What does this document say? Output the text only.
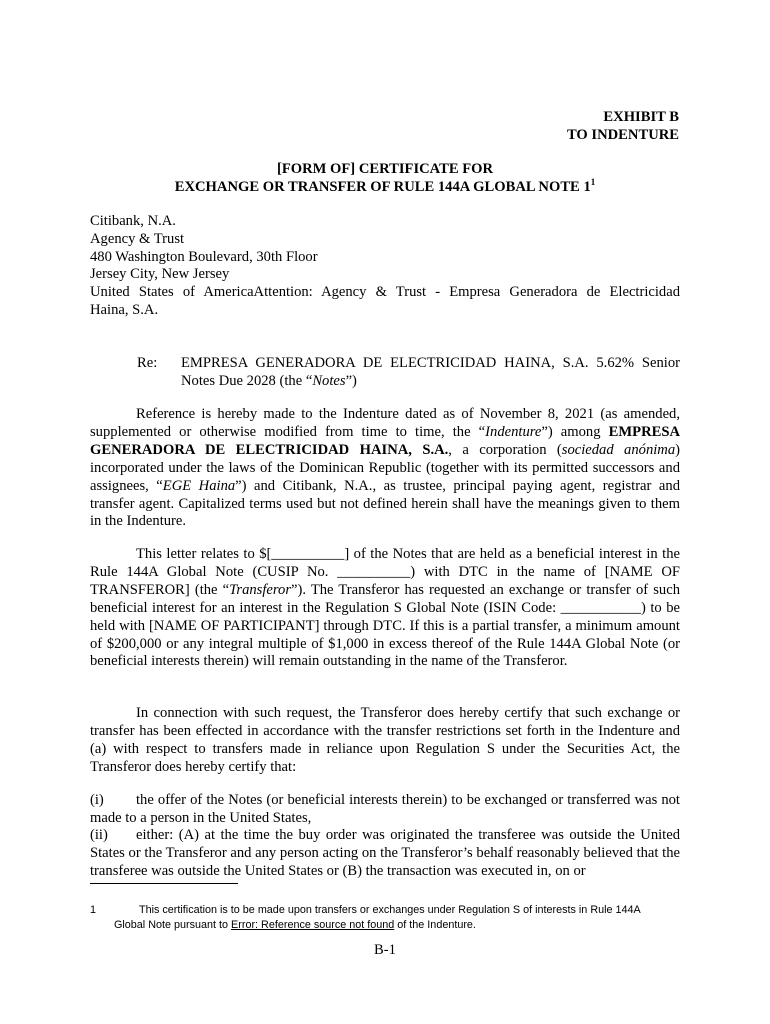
EXHIBIT B
TO INDENTURE
[FORM OF] CERTIFICATE FOR
EXCHANGE OR TRANSFER OF RULE 144A GLOBAL NOTE $1^1$
Citibank, N.A.
Agency & Trust
480 Washington Boulevard, 30th Floor
Jersey City, New Jersey
United States of AmericaAttention: Agency & Trust - Empresa Generadora de Electricidad
Haina, S.A.
Re: EMPRESA GENERADORA DE ELECTRICIDAD HAINA, S.A. 5.62% Senior Notes Due 2028 (the “Notes”)
Reference is hereby made to the Indenture dated as of November 8, 2021 (as amended, supplemented or otherwise modified from time to time, the “Indenture”) among EMPRESA GENERADORA DE ELECTRICIDAD HAINA, S.A., a corporation (sociedad anónima) incorporated under the laws of the Dominican Republic (together with its permitted successors and assignees, “EGE Haina”) and Citibank, N.A., as trustee, principal paying agent, registrar and transfer agent. Capitalized terms used but not defined herein shall have the meanings given to them in the Indenture.
This letter relates to $[__________] of the Notes that are held as a beneficial interest in the Rule 144A Global Note (CUSIP No. __________) with DTC in the name of [NAME OF TRANSFEROR] (the “Transferor”). The Transferor has requested an exchange or transfer of such beneficial interest for an interest in the Regulation S Global Note (ISIN Code: ___________) to be held with [NAME OF PARTICIPANT] through DTC. If this is a partial transfer, a minimum amount of $200,000 or any integral multiple of $1,000 in excess thereof of the Rule 144A Global Note (or beneficial interests therein) will remain outstanding in the name of the Transferor.
In connection with such request, the Transferor does hereby certify that such exchange or transfer has been effected in accordance with the transfer restrictions set forth in the Indenture and (a) with respect to transfers made in reliance upon Regulation S under the Securities Act, the Transferor does hereby certify that:
(i) the offer of the Notes (or beneficial interests therein) to be exchanged or transferred was not made to a person in the United States,
(ii) either: (A) at the time the buy order was originated the transferee was outside the United States or the Transferor and any person acting on the Transferor’s behalf reasonably believed that the transferee was outside the United States or (B) the transaction was executed in, on or
1	This certification is to be made upon transfers or exchanges under Regulation S of interests in Rule 144A
Global Note pursuant to Error: Reference source not found of the Indenture.
B-1
